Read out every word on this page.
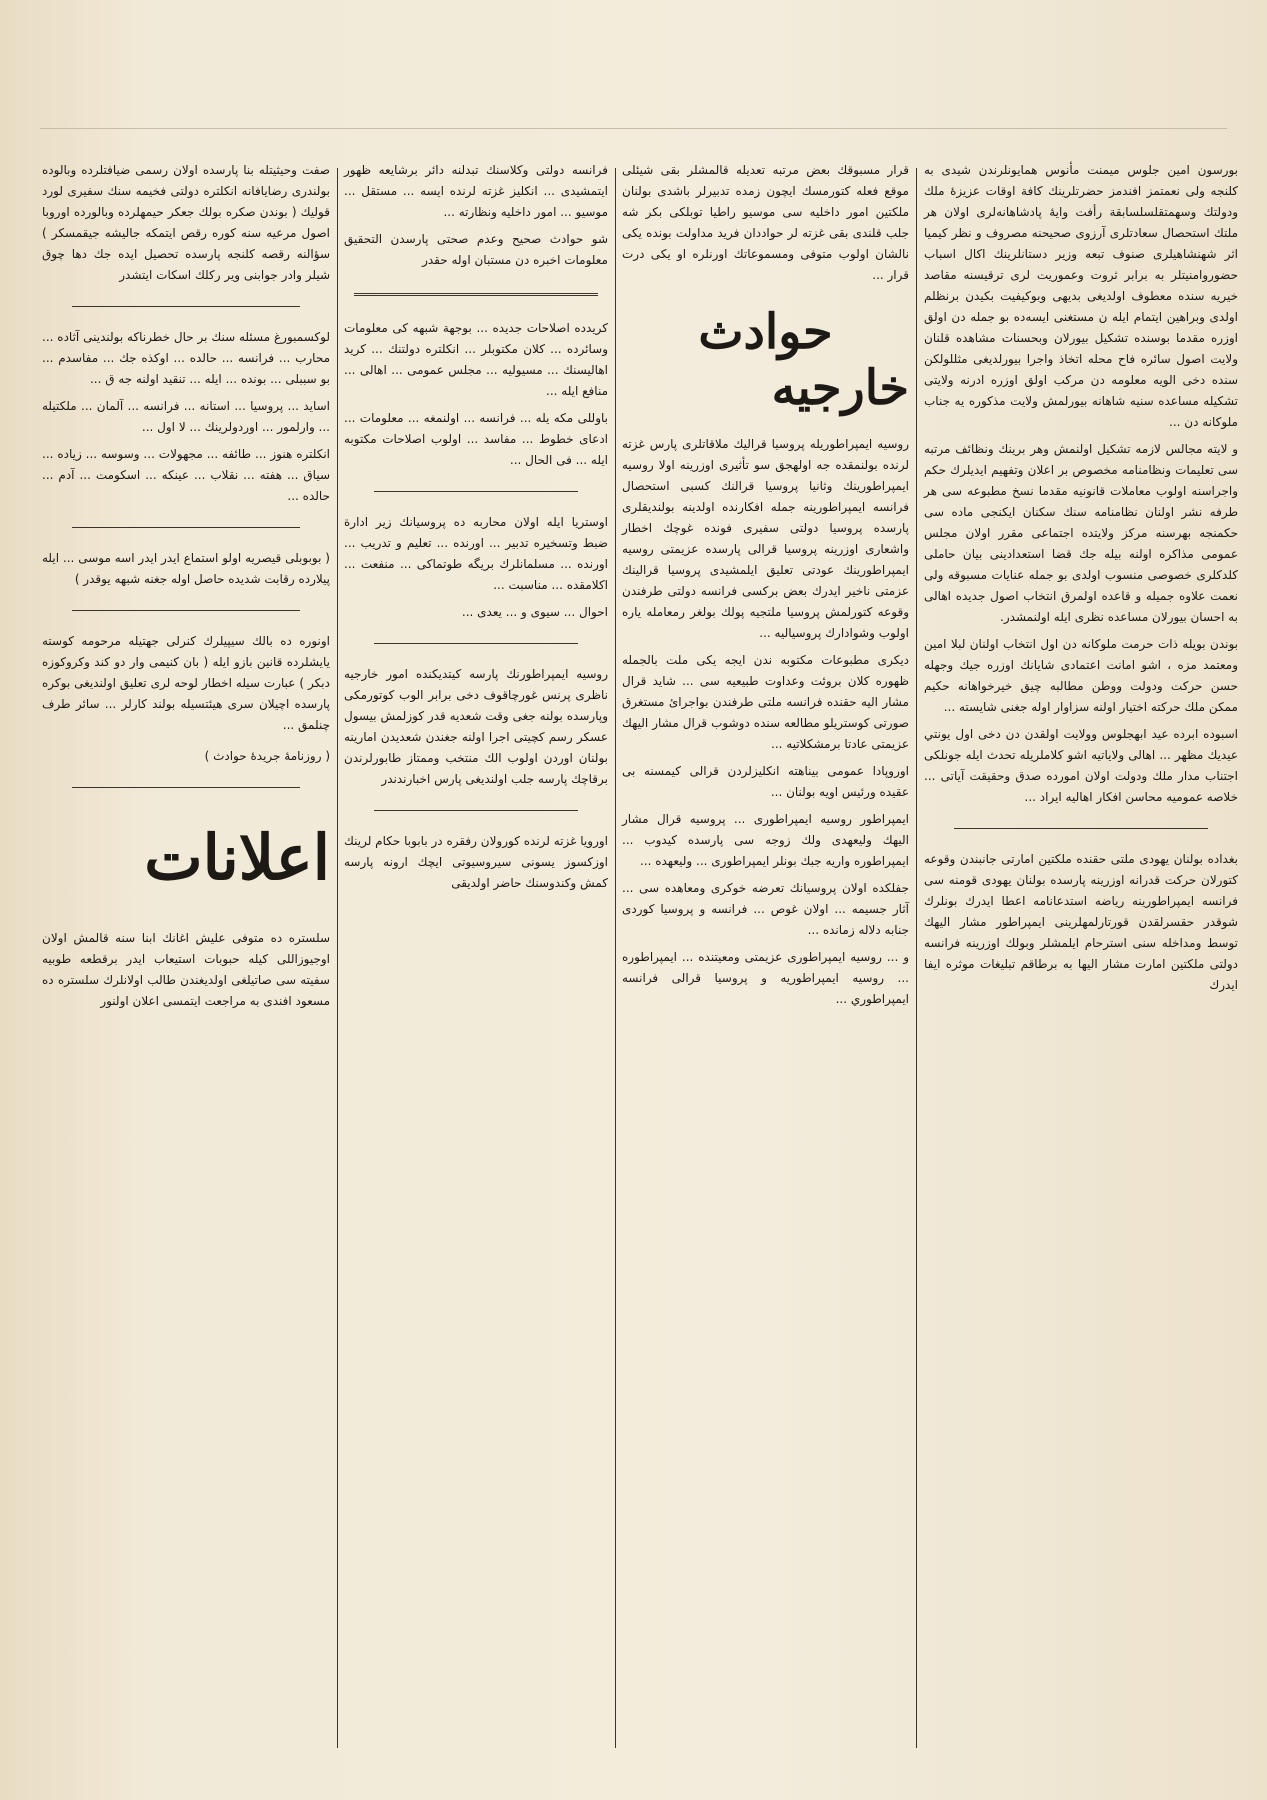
بورسون امين جلوس ميمنت مأنوس همايونلرندن شيدى به كلنجه ولى نعمتمز افندمز حضرتلرينك كافة اوقات عزيزهٔ ملك ودولتك وسهمتقلسلسابقة رأفت وايهٔ پادشاهانه‌لرى اولان هر ملتك استحصال سعادتلرى آرزوى صحيحنه مصروف و نظر كيميا اثر شهنشاهيلرى صنوف تبعه وزير دستانلرينك اكال اسباب حضوروامنيتلر به برابر ثروت وعموريت لرى ترقيسنه مقاصد خيريه سنده معطوف اولديغى بديهى وبوكيفيت بكيدن برنظلم اولدى وبراهين ايتمام ايله ن مستغنى ايسه‌ده بو جمله دن اولق اوزره مقدما بوسنده تشكيل بيورلان وبحسنات مشاهده قلنان ولايت اصول سائره فاح محله اتخاذ واجرا بيورلديغى مثللولكن سنده دخى الويه معلومه دن مركب اولق اوزره ادرنه ولايتى تشكيله مساعده سنيه شاهانه بيورلمش ولايت مذكوره يه جناب ملوكانه دن ...

و لايته مجالس لازمه تشكيل اولنمش وهر برينك ونظائف مرتبه سى تعليمات ونظامنامه مخصوص بر اعلان وتفهيم ايديلرك حكم واجراسنه اولوب معاملات قانونيه مقدما نسخ مطبوعه سى هر طرفه نشر اولنان نظامنامه سنك سكنان ايكنجى ماده سى حكمنجه بهرسنه مركز ولايتده اجتماعى مقرر اولان مجلس عمومى مذاكره اولنه بيله جك قضا استعدادينى بيان حاملى كلدكلرى خصوصى منسوب اولدى بو جمله عنايات مسبوقه ولى نعمت علاوه جميله و قاعده اولمرق انتخاب اصول جديده اهالى به احسان بيورلان مساعده نظرى ايله اولنمشدر.

بوندن بويله ذات حرمت ملوكانه دن اول انتخاب اولنان لبلا امين ومعتمد مزه ، اشو امانت اعتمادى شايانك اوزره جيك وجهله حسن حركت ودولت ووطن مطالبه چيق خيرخواهانه حكيم ممكن ملك حركته اختيار اولنه سزاوار اوله جغنى شايسته ...

اسبوده ابرده عيد ابهجلوس وولايت اولقدن دن دخى اول يونتي عيديك مظهر ... اهالى ولاياتيه اشو كلاملريله تحدث ايله جونلكى اجتناب مدار ملك ودولت اولان امورده صدق وحقيقت آياتى ... خلاصه عموميه محاسن افكار اهاليه ايراد ...

بغداده بولنان يهودى ملتى حقنده ملكتين امارتى جانبندن وقوعه كتورلان حركت قدرانه اوزرينه پارسده بولنان يهودى قومنه سى فرانسه ايمپراطورينه رياضه استدعانامه اعطا ايدرك بونلرك شوقدر حقسرلقدن قورتارلمهلرينى ايمپراطور مشار اليهك توسط ومداخله سنى استرحام ايلمشلر وبولك اوزرينه فرانسه دولتى ملكتين امارت مشار اليها به برطاقم تبليغات موثره ايفا ايدرك

قرار مسبوقك بعض مرتبه تعديله قالمشلر بقى شيئلى موقع فعله كتورمسك ايچون زمده تدبيرلر باشدى بولنان ملكتين امور داخليه سى موسيو راطيا توبلكى بكر شه جلب قلندى بقى غزته لر حواددان فريد مداولت بونده يكى نالشان اولوب متوفى ومسموعاتك اورنلره او يكى درت قرار ...

حوادث خارجيه

روسيه ايمپراطوريله پروسيا قراليك ملاقاتلرى پارس غزته لرنده بولنمقده جه اولهجق سو تأثيرى اوزرينه اولا روسيه ايمپراطورينك وثانيا پروسيا قرالنك كسبى استحصال فرانسه ايمپراطورينه جمله افكارنده اولدينه بولنديقلرى پارسده پروسيا دولتى سفيرى فونده غوچك اخطار واشعارى اوزرينه پروسيا قرالى پارسده عزيمتى روسيه ايمپراطورينك عودتى تعليق ايلمشيدى پروسيا قرالينك عزمتى ناخير ايدرك بعض بركسى فرانسه دولتى طرفندن وقوعه كتورلمش پروسيا ملتجيه پولك بولغر رمعامله ياره اولوب وشوادارك پروسياليه ...

ديكرى مطبوعات مكتوبه ندن ايجه يكى ملت بالجمله ظهوره كلان بروئت وعداوت طبيعيه سى ... شايد قرال مشار اليه حقنده فرانسه ملتى طرفندن بواجرائ مستغرق صورتى كوستريلو مطالعه سنده دوشوب قرال مشار اليهك عزيمتى عادتا برمشكلاتيه ...

اوروپادا عمومى بيناهته انكليزلردن قرالى كيمسنه بى عقيده ورئيس اويه بولنان ...

ايمپراطور روسيه ايمپراطورى ... پروسيه قرال مشار اليهك وليعهدى ولك زوجه سى پارسده كيدوب ... ايمپراطوره واريه جبك بونلر ايمپراطورى ... وليعهده ...

جفلكده اولان پروسيانك تعرضه خوكرى ومعاهده سى ... آثار جسيمه ... اولان غوص ... فرانسه و پروسيا كوردى جنابه دلاله زمانده ...

و ... روسيه ايمپراطورى عزيمتى ومعيتنده ... ايمپراطوره ... روسيه ايمپراطوريه و پروسيا قرالى فرانسه ايمپراطوري ...

فرانسه دولتى وكلاسنك تبدلنه دائر برشايعه ظهور ايتمشيدى ... انكليز غزته لرنده ايسه ... مستقل ... موسيو ... امور داخليه ونظارته ...

شو حوادث صحيح وعدم صحتى پارسدن التحقيق معلومات اخبره دن مستبان اوله حقدر

كريدده اصلاحات جديده ... بوجهة شبهه كى معلومات وسائرده ... كلان مكتوبلر ... انكلتره دولتنك ... كريد اهاليسنك ... مسيوليه ... مجلس عمومى ... اهالى ... منافع ايله ...

باوللى مكه يله ... فرانسه ... اولنمغه ... معلومات ... ادعاى خطوط ... مفاسد ... اولوب اصلاحات مكتوبه ايله ... فى الحال ...

اوستريا ايله اولان محاربه ده پروسيانك زير ادارة ضبط وتسخيره تدبير ... اورنده ... تعليم و تدريب ... اورنده ... مسلمانلرك بريگه طوتماكى ... منفعت ... اكلامقده ... مناسبت ...

احوال ... سيوى و ... يعدى ...

روسيه ايمپراطورنك پارسه كيتديكنده امور خارجيه ناظرى پرنس غورچاقوف دخى برابر الوب كوتورمكى وپارسده بولنه جغى وقت شعديه قدر كوزلمش بيسول عسكر رسم كچيتى اجرا اولنه جغندن شعديدن امارينه بولنان اوردن اولوب الك منتخب وممتاز طابورلرندن برقاچك پارسه جلب اولنديغى پارس اخبارندندر

اورويا غزته لرنده كورولان رفقره در بابوبا حكام لرينك اوزكسوز يسونى سيروسيوتى ايچك ارونه پارسه كمش وكندوسنك حاضر اولديقى

صفت وحيثيتله بنا پارسده اولان رسمى ضيافتلرده وبالوده بولندرى رضايافانه انكلتره دولتى فخيمه سنك سفيرى لورد قوليك ( بوندن صكره بولك جعكر حيمهلرده وبالورده اوروبا اصول مرعيه سنه كوره رقص ايتمكه جاليشه جيقمسكر ) سؤالنه رقصه كلنجه پارسده تحصيل ايده جك دها چوق شيلر وادر جوابنى وير ركلك اسكات ايتشدر

لوكسمبورغ مسئله سنك بر حال خطرناكه بولندينى آثاده ... محارب ... فرانسه ... حالده ... اوكذه جك ... مفاسدم ... بو سببلى ... بونده ... ايله ... تنقيد اولنه جه ق ...

اسايد ... پروسيا ... استانه ... فرانسه ... آلمان ... ملكتيله ... وارلمور ... اوردولرينك ... لا اول ...

انكلتره هنوز ... طائفه ... مجهولات ... وسوسه ... زياده ... سياق ... هفته ... نقلاب ... عينكه ... اسكومت ... آدم ... حالده ...

( بوبوبلى قيصريه اولو استماع ايدر ايدر اسه موسى ... ايله پيلارده رقابت شديده حاصل اوله جغنه شبهه يوقدر )

اونوره ده بالك سيپيلرك كنرلى جهتيله مرحومه كوسته يايشلرده قانين بازو ايله ( بان كنيمى وار دو كند وكروكوزه دبكر ) عبارت سيله اخطار لوحه لرى تعليق اولنديغى بوكره پارسده اچيلان سرى هيئتسيله بولند كارلر ... سائر طرف چنلمق ...

( روزنامهٔ جريدهٔ حوادث )
اعلانات

سلستره ده متوفى عليش اغانك ابنا سنه قالمش اولان اوجيوزاللى كيله حبوبات استيعاب ايدر برقطعه طوبيه سفيته سى صاتيلغى اولديغندن طالب اولانلرك سلستره ده مسعود افندى به مراجعت ايتمسى اعلان اولنور
